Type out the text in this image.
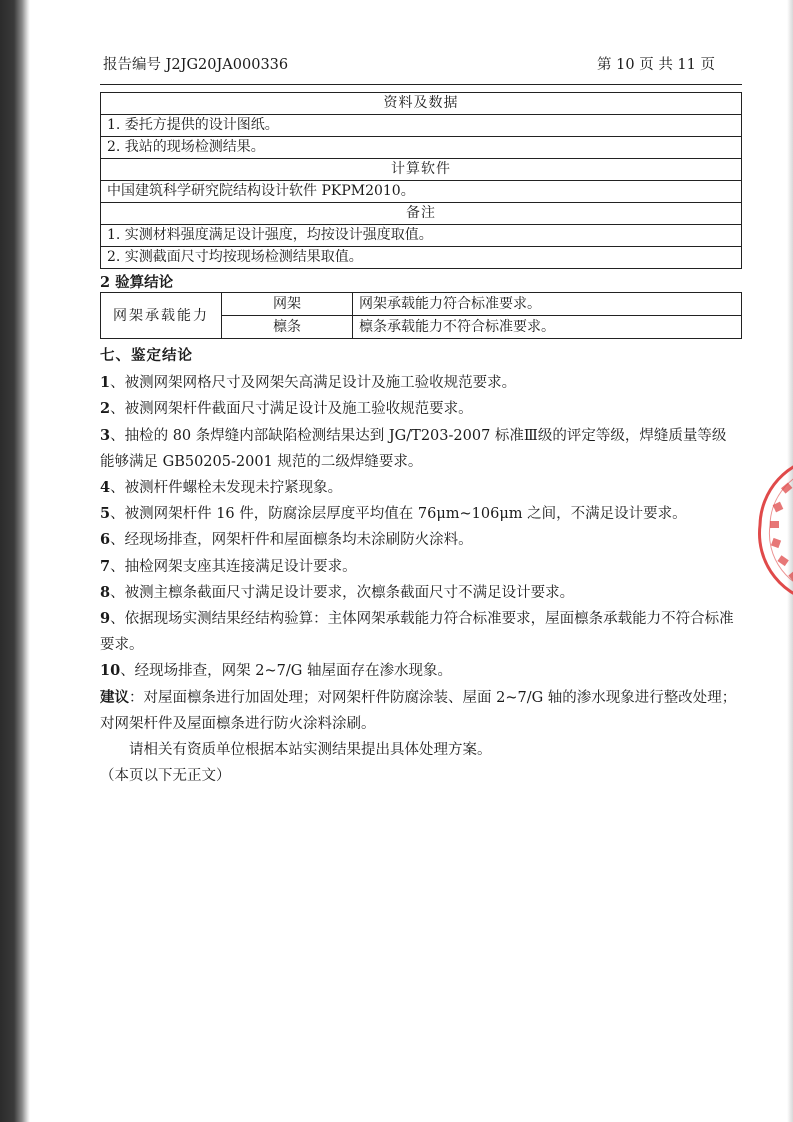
报告编号 J2JG20JA000336	第 10 页 共 11 页
资料及数据
1. 委托方提供的设计图纸。
2. 我站的现场检测结果。
计算软件
中国建筑科学研究院结构设计软件 PKPM2010。
备注
1. 实测材料强度满足设计强度，均按设计强度取值。
2. 实测截面尺寸均按现场检测结果取值。
2 验算结论
网架承载能力	网架	网架承载能力符合标准要求。
	檩条	檩条承载能力不符合标准要求。

七、鉴定结论

1、被测网架网格尺寸及网架矢高满足设计及施工验收规范要求。

2、被测网架杆件截面尺寸满足设计及施工验收规范要求。

3、抽检的 80 条焊缝内部缺陷检测结果达到 JG/T203-2007 标准Ⅲ级的评定等级，焊缝质量等级能够满足 GB50205-2001 规范的二级焊缝要求。

4、被测杆件螺栓未发现未拧紧现象。

5、被测网架杆件 16 件，防腐涂层厚度平均值在 76μm~106μm 之间，不满足设计要求。

6、经现场排查，网架杆件和屋面檩条均未涂刷防火涂料。

7、抽检网架支座其连接满足设计要求。

8、被测主檩条截面尺寸满足设计要求，次檩条截面尺寸不满足设计要求。

9、依据现场实测结果经结构验算：主体网架承载能力符合标准要求，屋面檩条承载能力不符合标准要求。

10、经现场排查，网架 2~7/G 轴屋面存在渗水现象。

建议：对屋面檩条进行加固处理；对网架杆件防腐涂装、屋面 2~7/G 轴的渗水现象进行整改处理；对网架杆件及屋面檩条进行防火涂料涂刷。

请相关有资质单位根据本站实测结果提出具体处理方案。

（本页以下无正文）
